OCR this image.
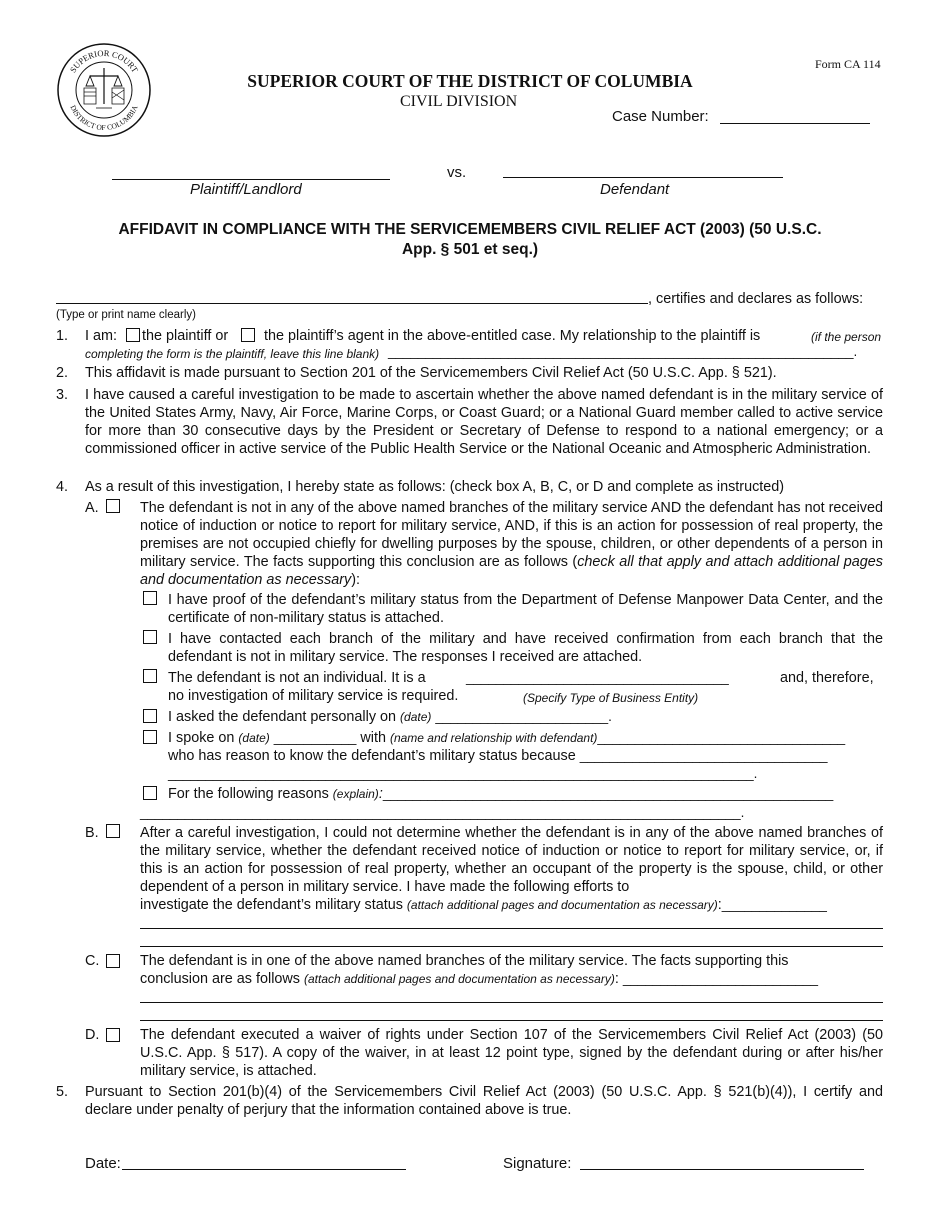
SUPERIOR COURT
DISTRICT OF COLUMBIA
Form CA 114
SUPERIOR COURT OF THE DISTRICT OF COLUMBIA
CIVIL DIVISION
Case Number:
vs.
Plaintiff/Landlord	Defendant
AFFIDAVIT IN COMPLIANCE WITH THE SERVICEMEMBERS CIVIL RELIEF ACT (2003) (50 U.S.C.
App. § 501 et seq.)
, certifies and declares as follows:
(Type or print name clearly)
1. I am: the plaintiff or the plaintiff’s agent in the above-entitled case. My relationship to the plaintiff is	(if the person
completing the form is the plaintiff, leave this line blank) ______________________________________________________________.
2. This affidavit is made pursuant to Section 201 of the Servicemembers Civil Relief Act (50 U.S.C. App. § 521).
3. I have caused a careful investigation to be made to ascertain whether the above named defendant is in the military service of the United States Army, Navy, Air Force, Marine Corps, or Coast Guard; or a National Guard member called to active service for more than 30 consecutive days by the President or Secretary of Defense to respond to a national emergency; or a commissioned officer in active service of the Public Health Service or the National Oceanic and Atmospheric Administration.
4. As a result of this investigation, I hereby state as follows: (check box A, B, C, or D and complete as instructed)
A.	The defendant is not in any of the above named branches of the military service AND the defendant has not received notice of induction or notice to report for military service, AND, if this is an action for possession of real property, the premises are not occupied chiefly for dwelling purposes by the spouse, children, or other dependents of a person in military service. The facts supporting this conclusion are as follows (check all that apply and attach additional pages and documentation as necessary):
I have proof of the defendant’s military status from the Department of Defense Manpower Data Center, and the certificate of non-military status is attached.
I have contacted each branch of the military and have received confirmation from each branch that the defendant is not in military service. The responses I received are attached.
The defendant is not an individual. It is a	___________________________________	and, therefore,
no investigation of military service is required.	(Specify Type of Business Entity)
I asked the defendant personally on (date) _______________________.
I spoke on (date) ___________ with (name and relationship with defendant)_________________________________
who has reason to know the defendant’s military status because _________________________________
______________________________________________________________________________.
For the following reasons (explain):____________________________________________________________
________________________________________________________________________________.
B.	After a careful investigation, I could not determine whether the defendant is in any of the above named branches of the military service, whether the defendant received notice of induction or notice to report for military service, or, if this is an action for possession of real property, whether an occupant of the property is the spouse, child, or other dependent of a person in military service. I have made the following efforts to
investigate the defendant’s military status (attach additional pages and documentation as necessary):______________
C.	The defendant is in one of the above named branches of the military service. The facts supporting this
conclusion are as follows (attach additional pages and documentation as necessary): __________________________
D.	The defendant executed a waiver of rights under Section 107 of the Servicemembers Civil Relief Act (2003) (50 U.S.C. App. § 517). A copy of the waiver, in at least 12 point type, signed by the defendant during or after his/her military service, is attached.
5. Pursuant to Section 201(b)(4) of the Servicemembers Civil Relief Act (2003) (50 U.S.C. App. § 521(b)(4)), I certify and declare under penalty of perjury that the information contained above is true.
Date:	Signature:
